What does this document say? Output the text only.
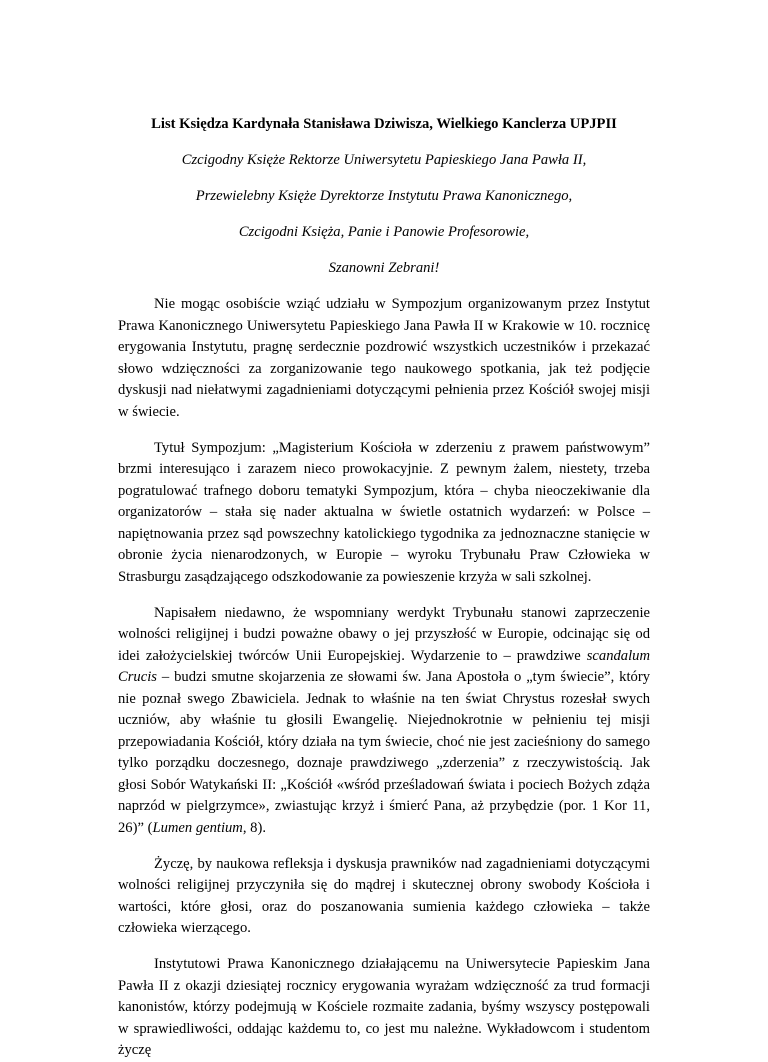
List Księdza Kardynała Stanisława Dziwisza, Wielkiego Kanclerza UPJPII

Czcigodny Księże Rektorze Uniwersytetu Papieskiego Jana Pawła II,

Przewielebny Księże Dyrektorze Instytutu Prawa Kanonicznego,

Czcigodni Księża, Panie i Panowie Profesorowie,

Szanowni Zebrani!

Nie mogąc osobiście wziąć udziału w Sympozjum organizowanym przez Instytut Prawa Kanonicznego Uniwersytetu Papieskiego Jana Pawła II w Krakowie w 10. rocznicę erygowania Instytutu, pragnę serdecznie pozdrowić wszystkich uczestników i przekazać słowo wdzięczności za zorganizowanie tego naukowego spotkania, jak też podjęcie dyskusji nad niełatwymi zagadnieniami dotyczącymi pełnienia przez Kościół swojej misji w świecie.

Tytuł Sympozjum: „Magisterium Kościoła w zderzeniu z prawem państwowym” brzmi interesująco i zarazem nieco prowokacyjnie. Z pewnym żalem, niestety, trzeba pogratulować trafnego doboru tematyki Sympozjum, która – chyba nieoczekiwanie dla organizatorów – stała się nader aktualna w świetle ostatnich wydarzeń: w Polsce – napiętnowania przez sąd powszechny katolickiego tygodnika za jednoznaczne stanięcie w obronie życia nienarodzonych, w Europie – wyroku Trybunału Praw Człowieka w Strasburgu zasądzającego odszkodowanie za powieszenie krzyża w sali szkolnej.

Napisałem niedawno, że wspomniany werdykt Trybunału stanowi zaprzeczenie wolności religijnej i budzi poważne obawy o jej przyszłość w Europie, odcinając się od idei założycielskiej twórców Unii Europejskiej. Wydarzenie to – prawdziwe scandalum Crucis – budzi smutne skojarzenia ze słowami św. Jana Apostoła o „tym świecie”, który nie poznał swego Zbawiciela. Jednak to właśnie na ten świat Chrystus rozesłał swych uczniów, aby właśnie tu głosili Ewangelię. Niejednokrotnie w pełnieniu tej misji przepowiadania Kościół, który działa na tym świecie, choć nie jest zacieśniony do samego tylko porządku doczesnego, doznaje prawdziwego „zderzenia” z rzeczywistością. Jak głosi Sobór Watykański II: „Kościół «wśród prześladowań świata i pociech Bożych zdąża naprzód w pielgrzymce», zwiastując krzyż i śmierć Pana, aż przybędzie (por. 1 Kor 11, 26)” (Lumen gentium, 8).

Życzę, by naukowa refleksja i dyskusja prawników nad zagadnieniami dotyczącymi wolności religijnej przyczyniła się do mądrej i skutecznej obrony swobody Kościoła i wartości, które głosi, oraz do poszanowania sumienia każdego człowieka – także człowieka wierzącego.

Instytutowi Prawa Kanonicznego działającemu na Uniwersytecie Papieskim Jana Pawła II z okazji dziesiątej rocznicy erygowania wyrażam wdzięczność za trud formacji kanonistów, którzy podejmują w Kościele rozmaite zadania, byśmy wszyscy postępowali w sprawiedliwości, oddając każdemu to, co jest mu należne. Wykładowcom i studentom życzę
